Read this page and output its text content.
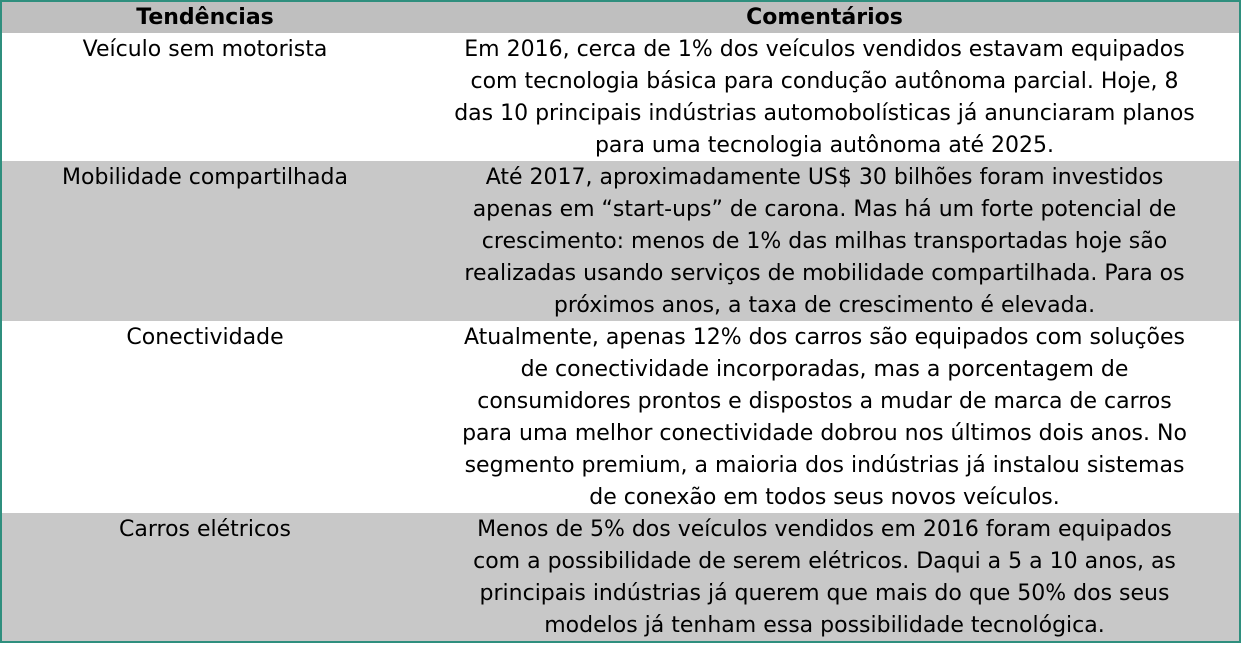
Tendências	Comentários
Veículo sem motorista	Em 2016, cerca de 1% dos veículos vendidos estavam equipados
com tecnologia básica para condução autônoma parcial. Hoje, 8
das 10 principais indústrias automobolísticas já anunciaram planos
para uma tecnologia autônoma até 2025.
Mobilidade compartilhada	Até 2017, aproximadamente US$ 30 bilhões foram investidos
apenas em “start-ups” de carona. Mas há um forte potencial de
crescimento: menos de 1% das milhas transportadas hoje são
realizadas usando serviços de mobilidade compartilhada. Para os
próximos anos, a taxa de crescimento é elevada.
Conectividade	Atualmente, apenas 12% dos carros são equipados com soluções
de conectividade incorporadas, mas a porcentagem de
consumidores prontos e dispostos a mudar de marca de carros
para uma melhor conectividade dobrou nos últimos dois anos. No
segmento premium, a maioria dos indústrias já instalou sistemas
de conexão em todos seus novos veículos.
Carros elétricos	Menos de 5% dos veículos vendidos em 2016 foram equipados
com a possibilidade de serem elétricos. Daqui a 5 a 10 anos, as
principais indústrias já querem que mais do que 50% dos seus
modelos já tenham essa possibilidade tecnológica.
